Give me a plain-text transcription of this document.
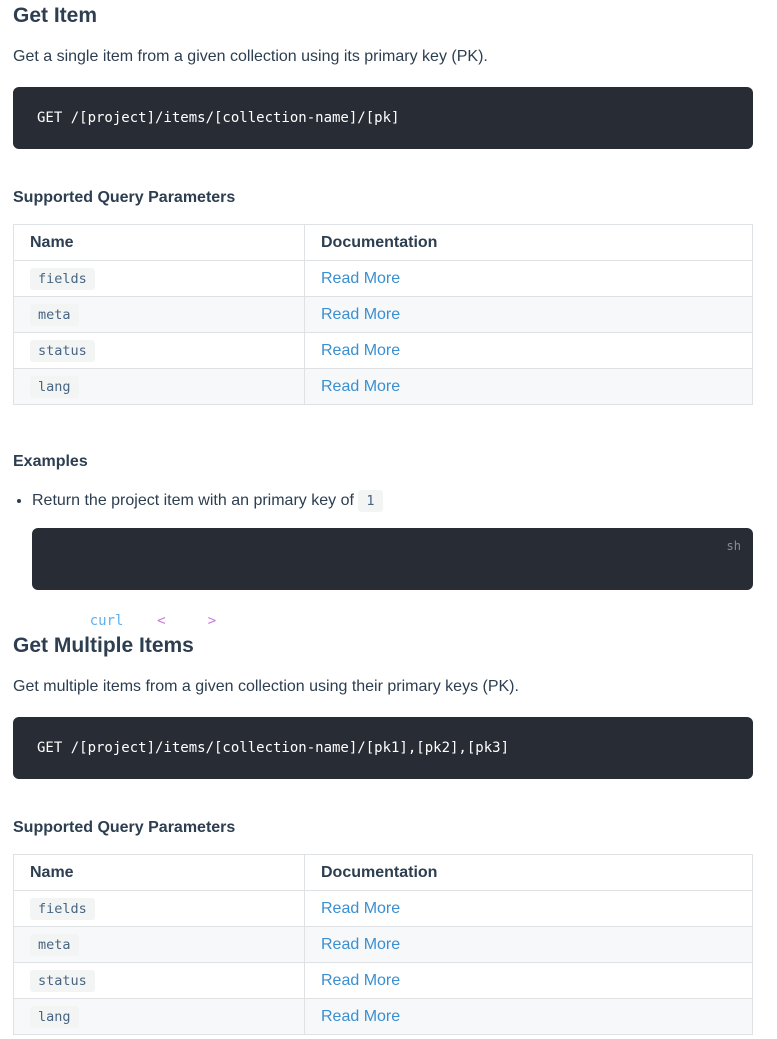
Get Item

Get a single item from a given collection using its primary key (PK).

GET /[project]/items/[collection-name]/[pk]
Supported Query Parameters
Name	Documentation
fields	Read More
meta	Read More
status	Read More
lang	Read More
Examples
• Return the project item with an primary key of 1

sh
curl -u <token>: https://api.directus.io/_/items/projects/1

Get Multiple Items

Get multiple items from a given collection using their primary keys (PK).

GET /[project]/items/[collection-name]/[pk1],[pk2],[pk3]
Supported Query Parameters
Name	Documentation
fields	Read More
meta	Read More
status	Read More
lang	Read More
